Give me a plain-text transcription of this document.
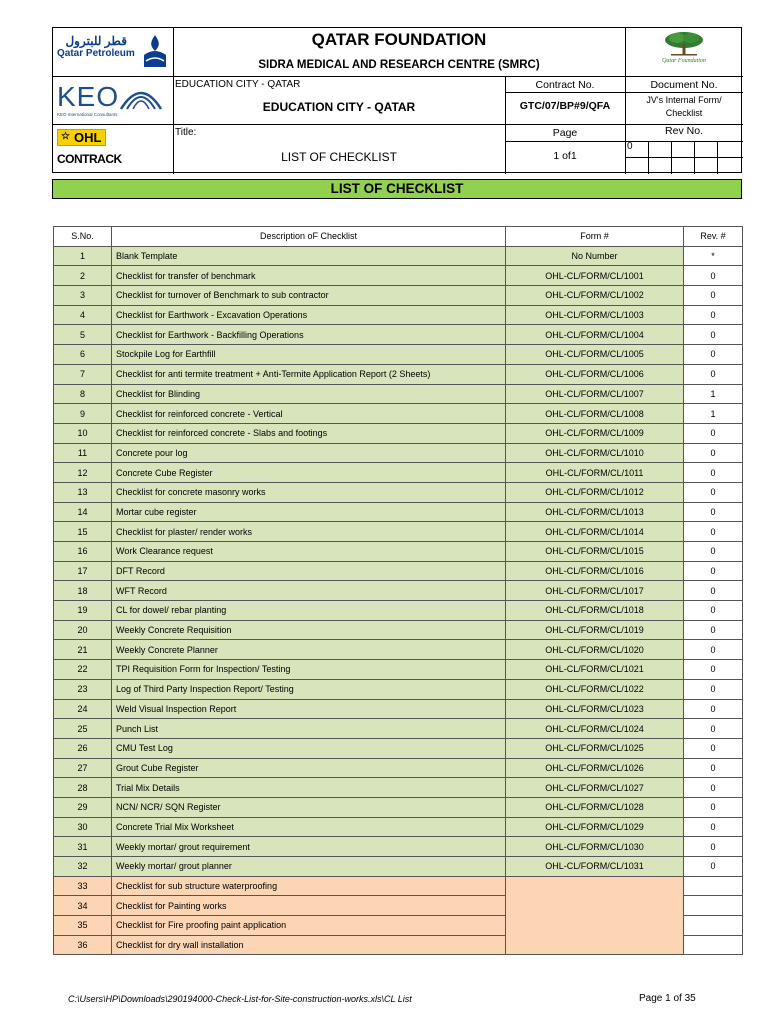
قطر للبترول
Qatar Petroleum
KEO
KEO International Consultants
☆ OHL
CONTRACK
Qatar Foundation
QATAR FOUNDATION
SIDRA MEDICAL AND RESEARCH CENTRE (SMRC)
EDUCATION CITY - QATAR
EDUCATION CITY - QATAR
Contract No.
GTC/07/BP#9/QFA
Document No.
JV's Internal Form/
Checklist
Title:
LIST OF CHECKLIST
Page
1 of1
Rev No.
0
LIST OF CHECKLIST
S.No.	Description oF Checklist	Form #	Rev. #
1	Blank Template	No Number	*
2	Checklist for transfer of benchmark	OHL-CL/FORM/CL/1001	0
3	Checklist for turnover of Benchmark to sub contractor	OHL-CL/FORM/CL/1002	0
4	Checklist for Earthwork - Excavation Operations	OHL-CL/FORM/CL/1003	0
5	Checklist for Earthwork - Backfilling Operations	OHL-CL/FORM/CL/1004	0
6	Stockpile Log for Earthfill	OHL-CL/FORM/CL/1005	0
7	Checklist for anti termite treatment + Anti-Termite Application Report (2 Sheets)	OHL-CL/FORM/CL/1006	0
8	Checklist for Blinding	OHL-CL/FORM/CL/1007	1
9	Checklist for reinforced concrete - Vertical	OHL-CL/FORM/CL/1008	1
10	Checklist for reinforced concrete - Slabs and footings	OHL-CL/FORM/CL/1009	0
11	Concrete pour log	OHL-CL/FORM/CL/1010	0
12	Concrete Cube Register	OHL-CL/FORM/CL/1011	0
13	Checklist for concrete masonry works	OHL-CL/FORM/CL/1012	0
14	Mortar cube register	OHL-CL/FORM/CL/1013	0
15	Checklist for plaster/ render works	OHL-CL/FORM/CL/1014	0
16	Work Clearance request	OHL-CL/FORM/CL/1015	0
17	DFT Record	OHL-CL/FORM/CL/1016	0
18	WFT Record	OHL-CL/FORM/CL/1017	0
19	CL for dowel/ rebar planting	OHL-CL/FORM/CL/1018	0
20	Weekly Concrete Requisition	OHL-CL/FORM/CL/1019	0
21	Weekly Concrete Planner	OHL-CL/FORM/CL/1020	0
22	TPI Requisition Form for Inspection/ Testing	OHL-CL/FORM/CL/1021	0
23	Log of Third Party Inspection Report/ Testing	OHL-CL/FORM/CL/1022	0
24	Weld Visual Inspection Report	OHL-CL/FORM/CL/1023	0
25	Punch List	OHL-CL/FORM/CL/1024	0
26	CMU Test Log	OHL-CL/FORM/CL/1025	0
27	Grout Cube Register	OHL-CL/FORM/CL/1026	0
28	Trial Mix Details	OHL-CL/FORM/CL/1027	0
29	NCN/ NCR/ SQN Register	OHL-CL/FORM/CL/1028	0
30	Concrete Trial Mix Worksheet	OHL-CL/FORM/CL/1029	0
31	Weekly mortar/ grout requirement	OHL-CL/FORM/CL/1030	0
32	Weekly mortar/ grout planner	OHL-CL/FORM/CL/1031	0
33	Checklist for sub structure waterproofing		
34	Checklist for Painting works		
35	Checklist for Fire proofing paint application		
36	Checklist for dry wall installation		
C:\Users\HP\Downloads\290194000-Check-List-for-Site-construction-works.xls\CL List	Page 1 of 35
